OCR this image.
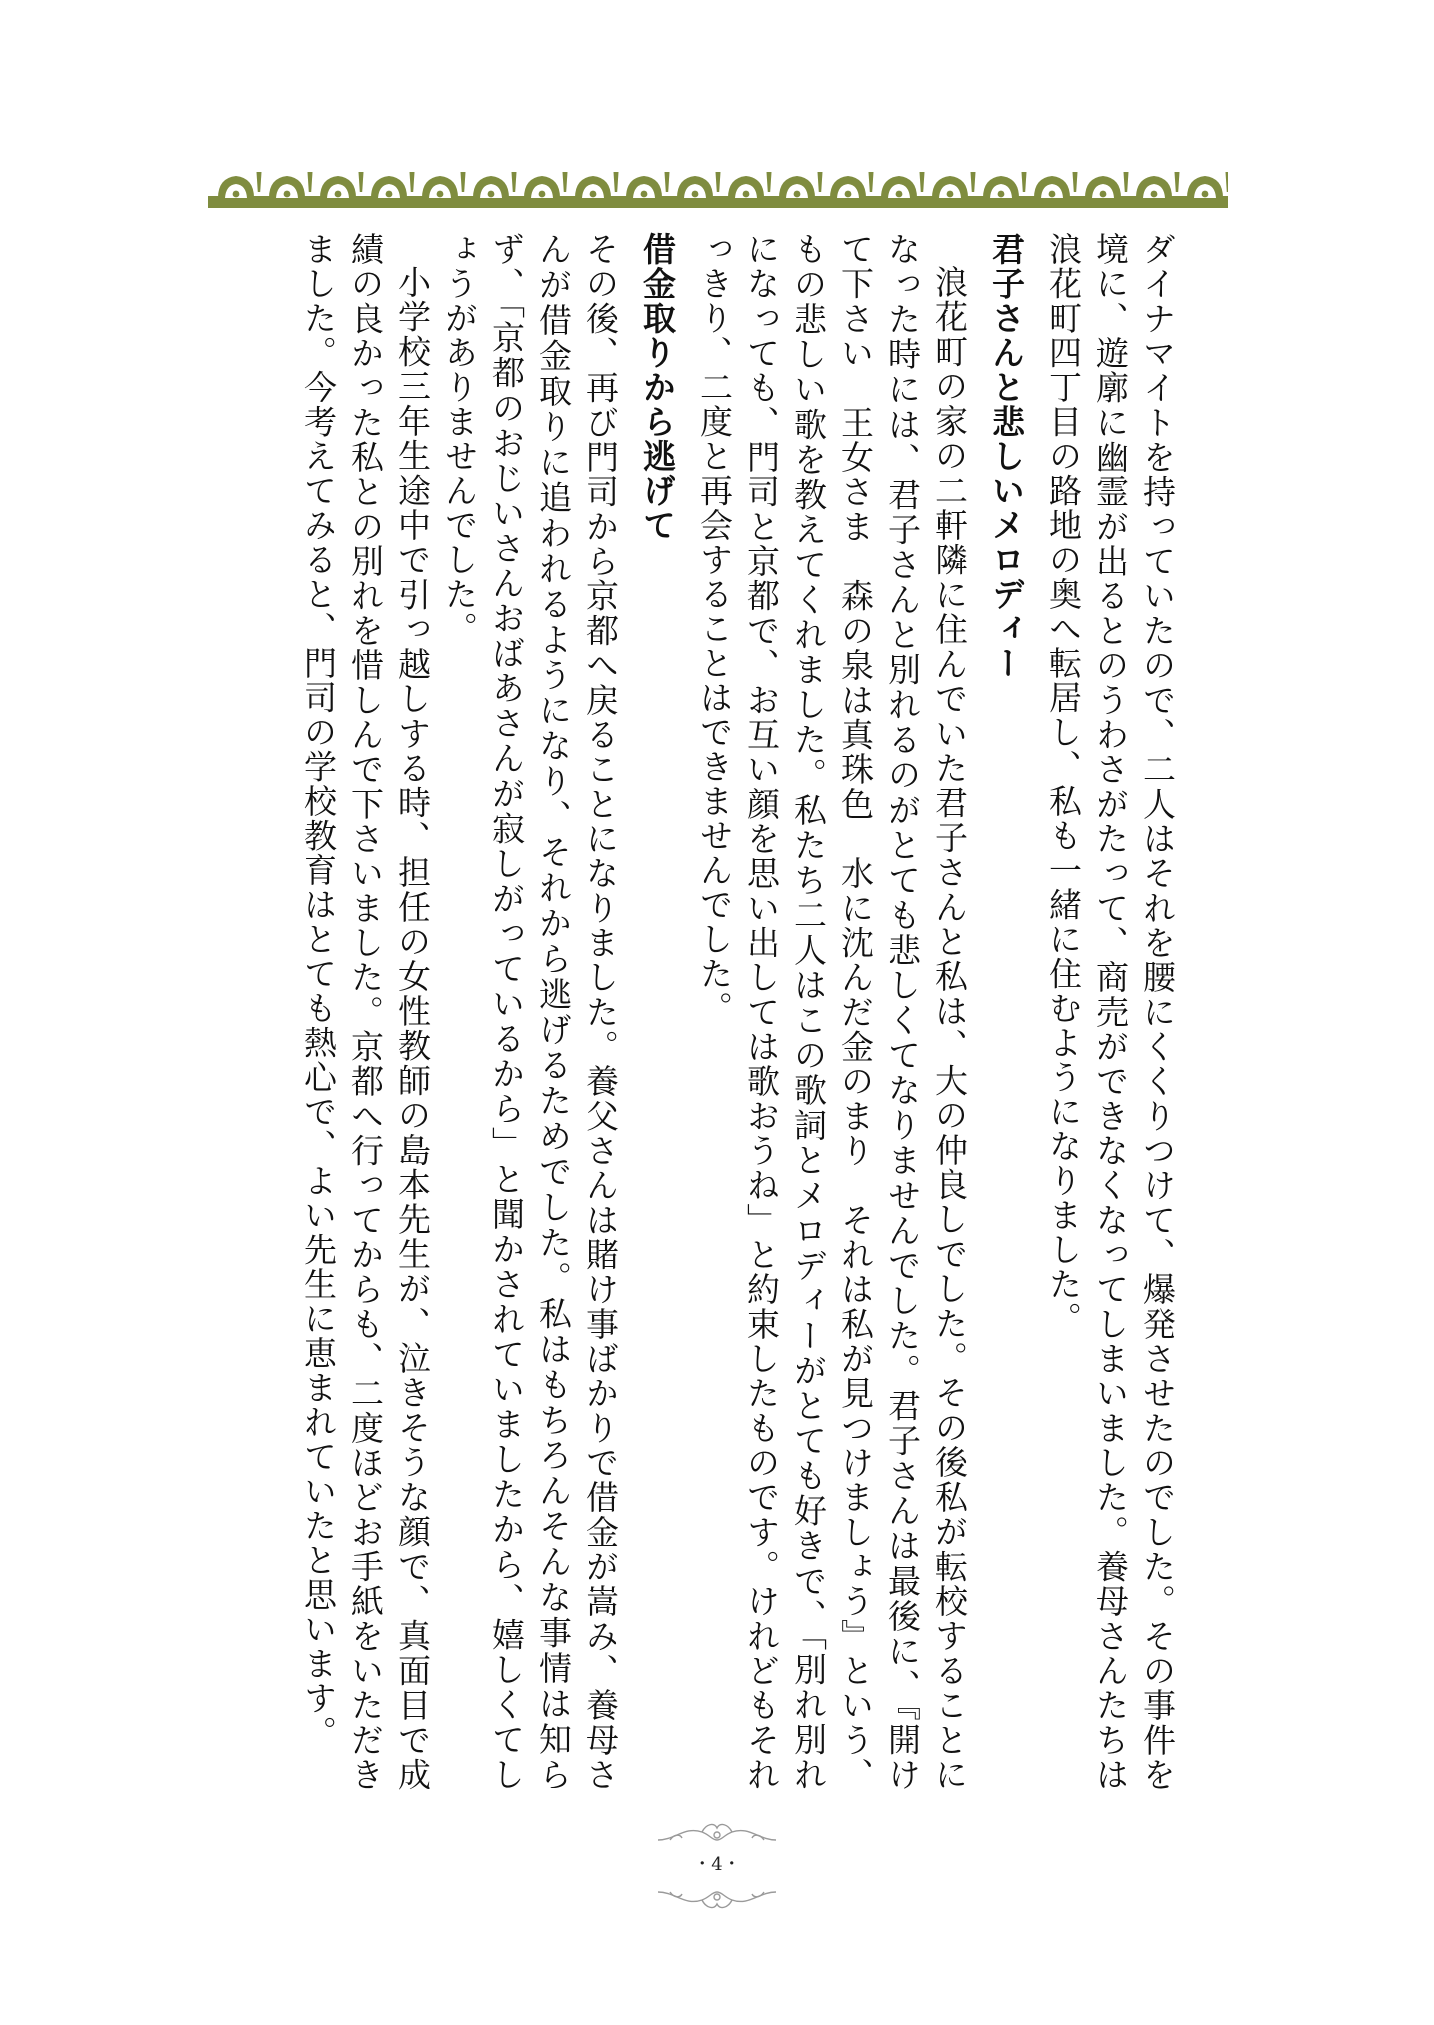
ダイナマイトを持っていたので、二人はそれを腰にくくりつけて、爆発させたのでした。その事件を境に、遊廓に幽霊が出るとのうわさがたって、商売ができなくなってしまいました。養母さんたちは浪花町四丁目の路地の奥へ転居し、私も一緒に住むようになりました。

君子さんと悲しいメロディー

浪花町の家の二軒隣に住んでいた君子さんと私は、大の仲良しでした。その後私が転校することになった時には、君子さんと別れるのがとても悲しくてなりませんでした。君子さんは最後に、『開けて下さい　王女さま　森の泉は真珠色　水に沈んだ金のまり　それは私が見つけましょう』という、もの悲しい歌を教えてくれました。私たち二人はこの歌詞とメロディーがとても好きで、「別れ別れになっても、門司と京都で、お互い顔を思い出しては歌おうね」と約束したものです。けれどもそれっきり、二度と再会することはできませんでした。

借金取りから逃げて

その後、再び門司から京都へ戻ることになりました。養父さんは賭け事ばかりで借金が嵩み、養母さんが借金取りに追われるようになり、それから逃げるためでした。私はもちろんそんな事情は知らず、「京都のおじいさんおばあさんが寂しがっているから」と聞かされていましたから、嬉しくてしょうがありませんでした。

小学校三年生途中で引っ越しする時、担任の女性教師の島本先生が、泣きそうな顔で、真面目で成績の良かった私との別れを惜しんで下さいました。京都へ行ってからも、二度ほどお手紙をいただきました。今考えてみると、門司の学校教育はとても熱心で、よい先生に恵まれていたと思います。

・4・
